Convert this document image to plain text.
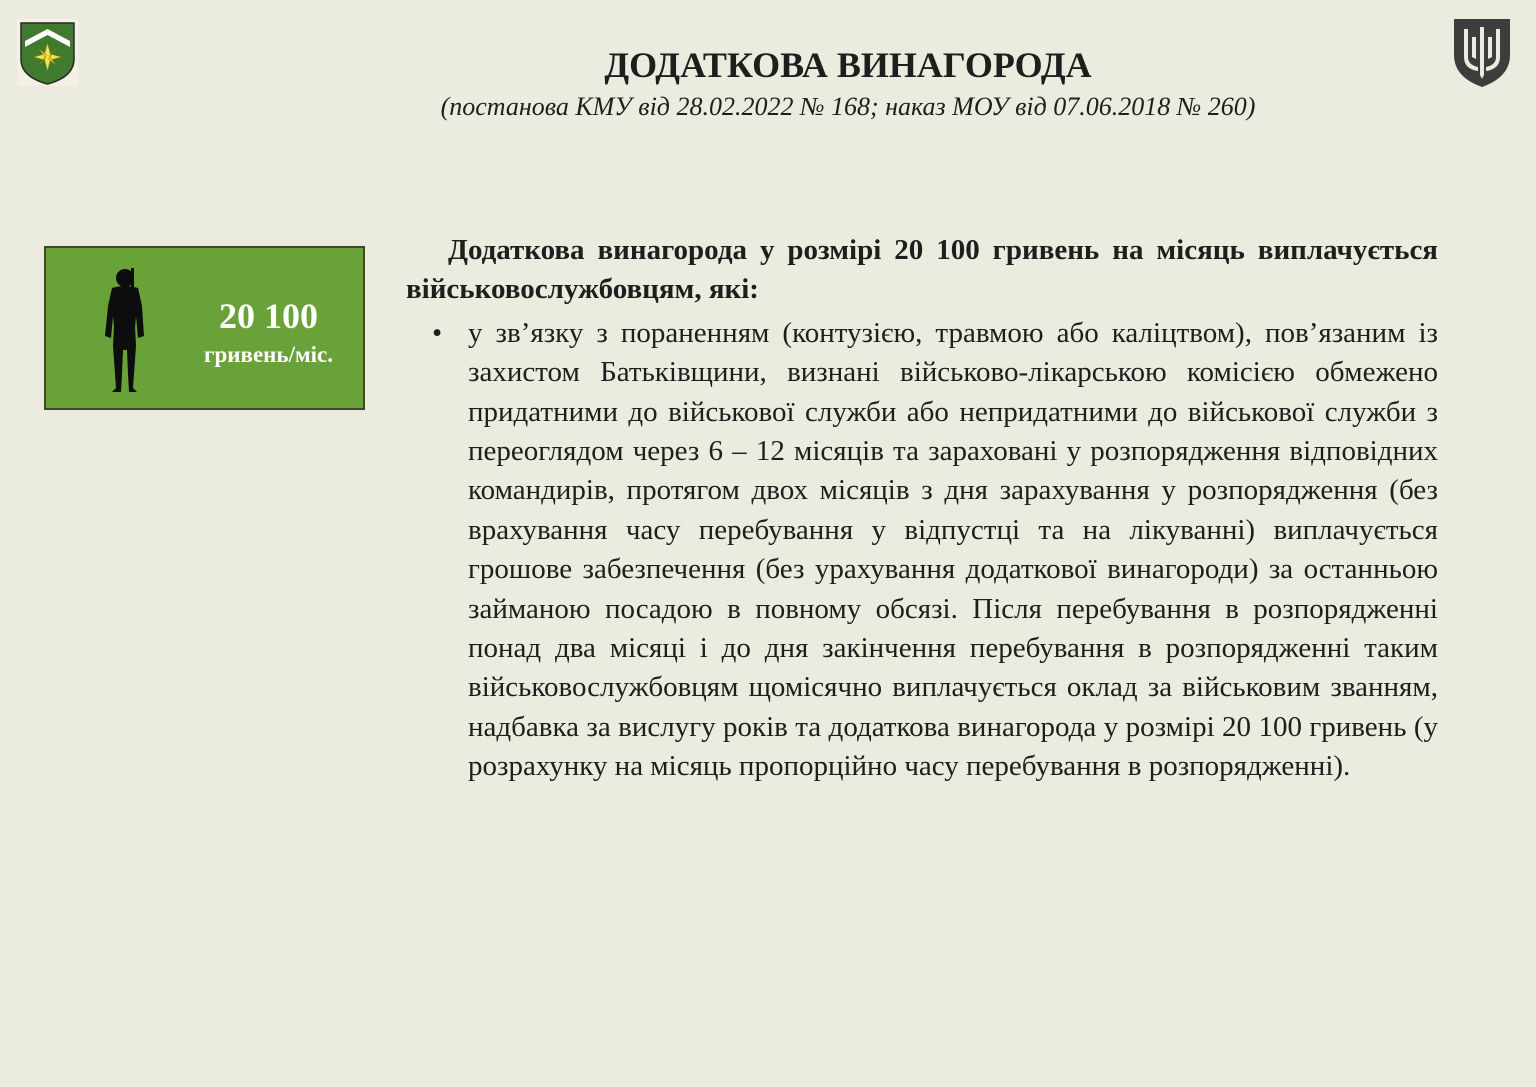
ДОДАТКОВА ВИНАГОРОДА

(постанова КМУ від 28.02.2022 № 168; наказ МОУ від 07.06.2018 № 260)

20 100
гривень/міс.

Додаткова винагорода у розмірі 20 100 гривень на місяць виплачується військовослужбовцям, які:

• у зв’язку з пораненням (контузією, травмою або каліцтвом), пов’язаним із захистом Батьківщини, визнані військово-лікарською комісією обмежено придатними до військової служби або непридатними до військової служби з переоглядом через 6 – 12 місяців та зараховані у розпорядження відповідних командирів, протягом двох місяців з дня зарахування у розпорядження (без врахування часу перебування у відпустці та на лікуванні) виплачується грошове забезпечення (без урахування додаткової винагороди) за останньою займаною посадою в повному обсязі. Після перебування в розпорядженні понад два місяці і до дня закінчення перебування в розпорядженні таким військовослужбовцям щомісячно виплачується оклад за військовим званням, надбавка за вислугу років та додаткова винагорода у розмірі 20 100 гривень (у розрахунку на місяць пропорційно часу перебування в розпорядженні).
